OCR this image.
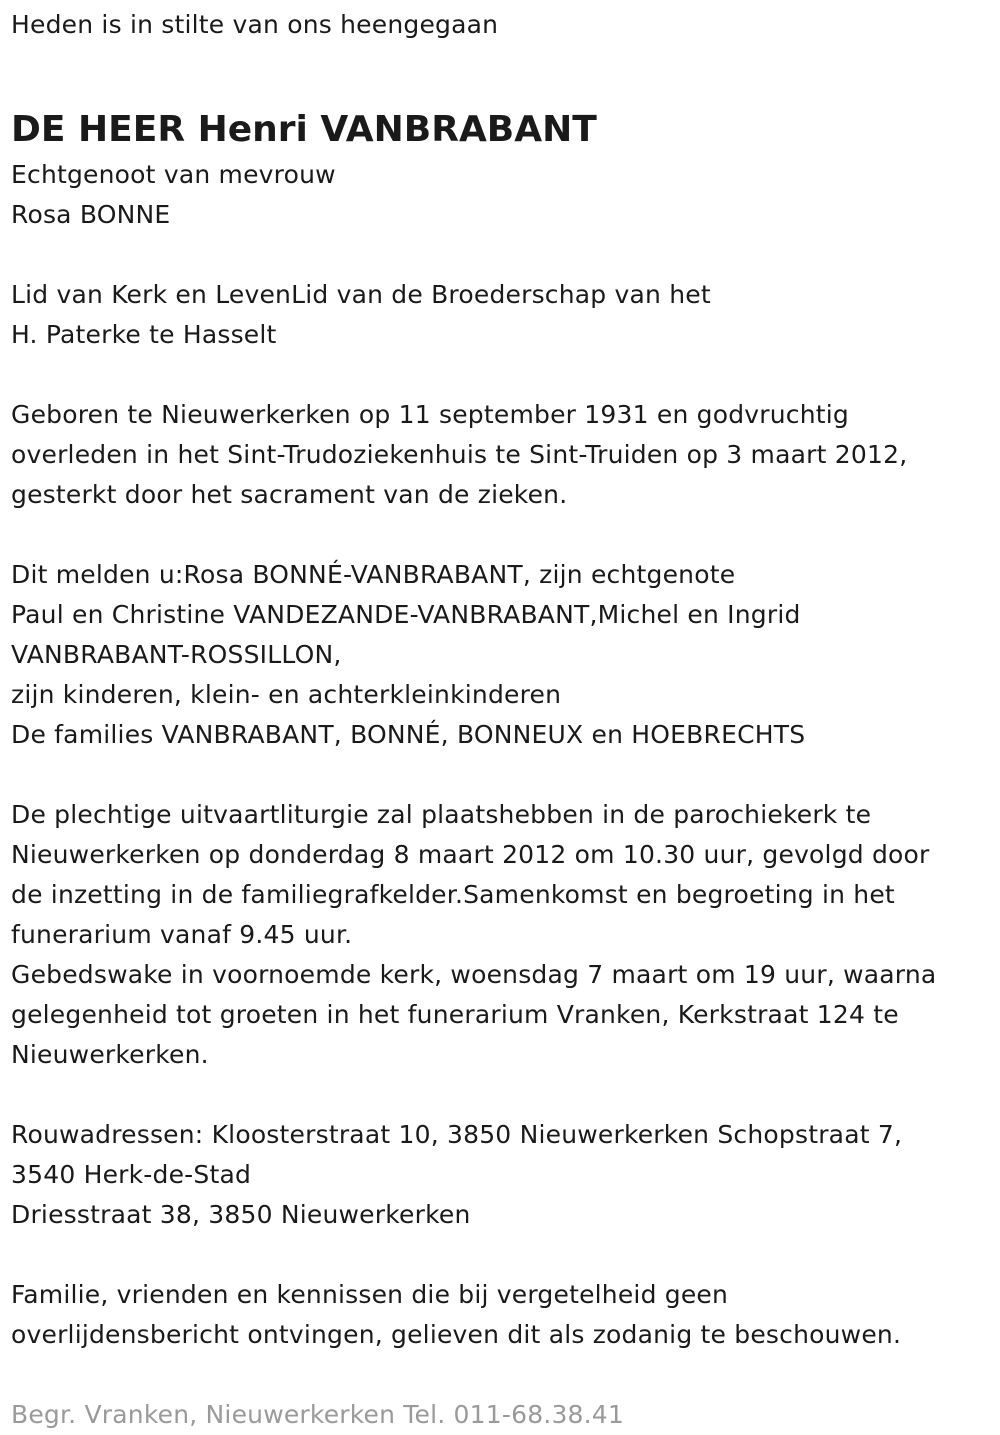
Heden is in stilte van ons heengegaan
DE HEER Henri VANBRABANT
Echtgenoot van mevrouw
Rosa BONNE
Lid van Kerk en LevenLid van de Broederschap van het
H. Paterke te Hasselt
Geboren te Nieuwerkerken op 11 september 1931 en godvruchtig
overleden in het Sint-Trudoziekenhuis te Sint-Truiden op 3 maart 2012,
gesterkt door het sacrament van de zieken.
Dit melden u:Rosa BONNÉ-VANBRABANT, zijn echtgenote
Paul en Christine VANDEZANDE-VANBRABANT,Michel en Ingrid
VANBRABANT-ROSSILLON,
zijn kinderen, klein- en achterkleinkinderen
De families VANBRABANT, BONNÉ, BONNEUX en HOEBRECHTS
De plechtige uitvaartliturgie zal plaatshebben in de parochiekerk te
Nieuwerkerken op donderdag 8 maart 2012 om 10.30 uur, gevolgd door
de inzetting in de familiegrafkelder.Samenkomst en begroeting in het
funerarium vanaf 9.45 uur.
Gebedswake in voornoemde kerk, woensdag 7 maart om 19 uur, waarna
gelegenheid tot groeten in het funerarium Vranken, Kerkstraat 124 te
Nieuwerkerken.
Rouwadressen: Kloosterstraat 10, 3850 Nieuwerkerken Schopstraat 7,
3540 Herk-de-Stad
Driesstraat 38, 3850 Nieuwerkerken
Familie, vrienden en kennissen die bij vergetelheid geen
overlijdensbericht ontvingen, gelieven dit als zodanig te beschouwen.
Begr. Vranken, Nieuwerkerken Tel. 011-68.38.41
